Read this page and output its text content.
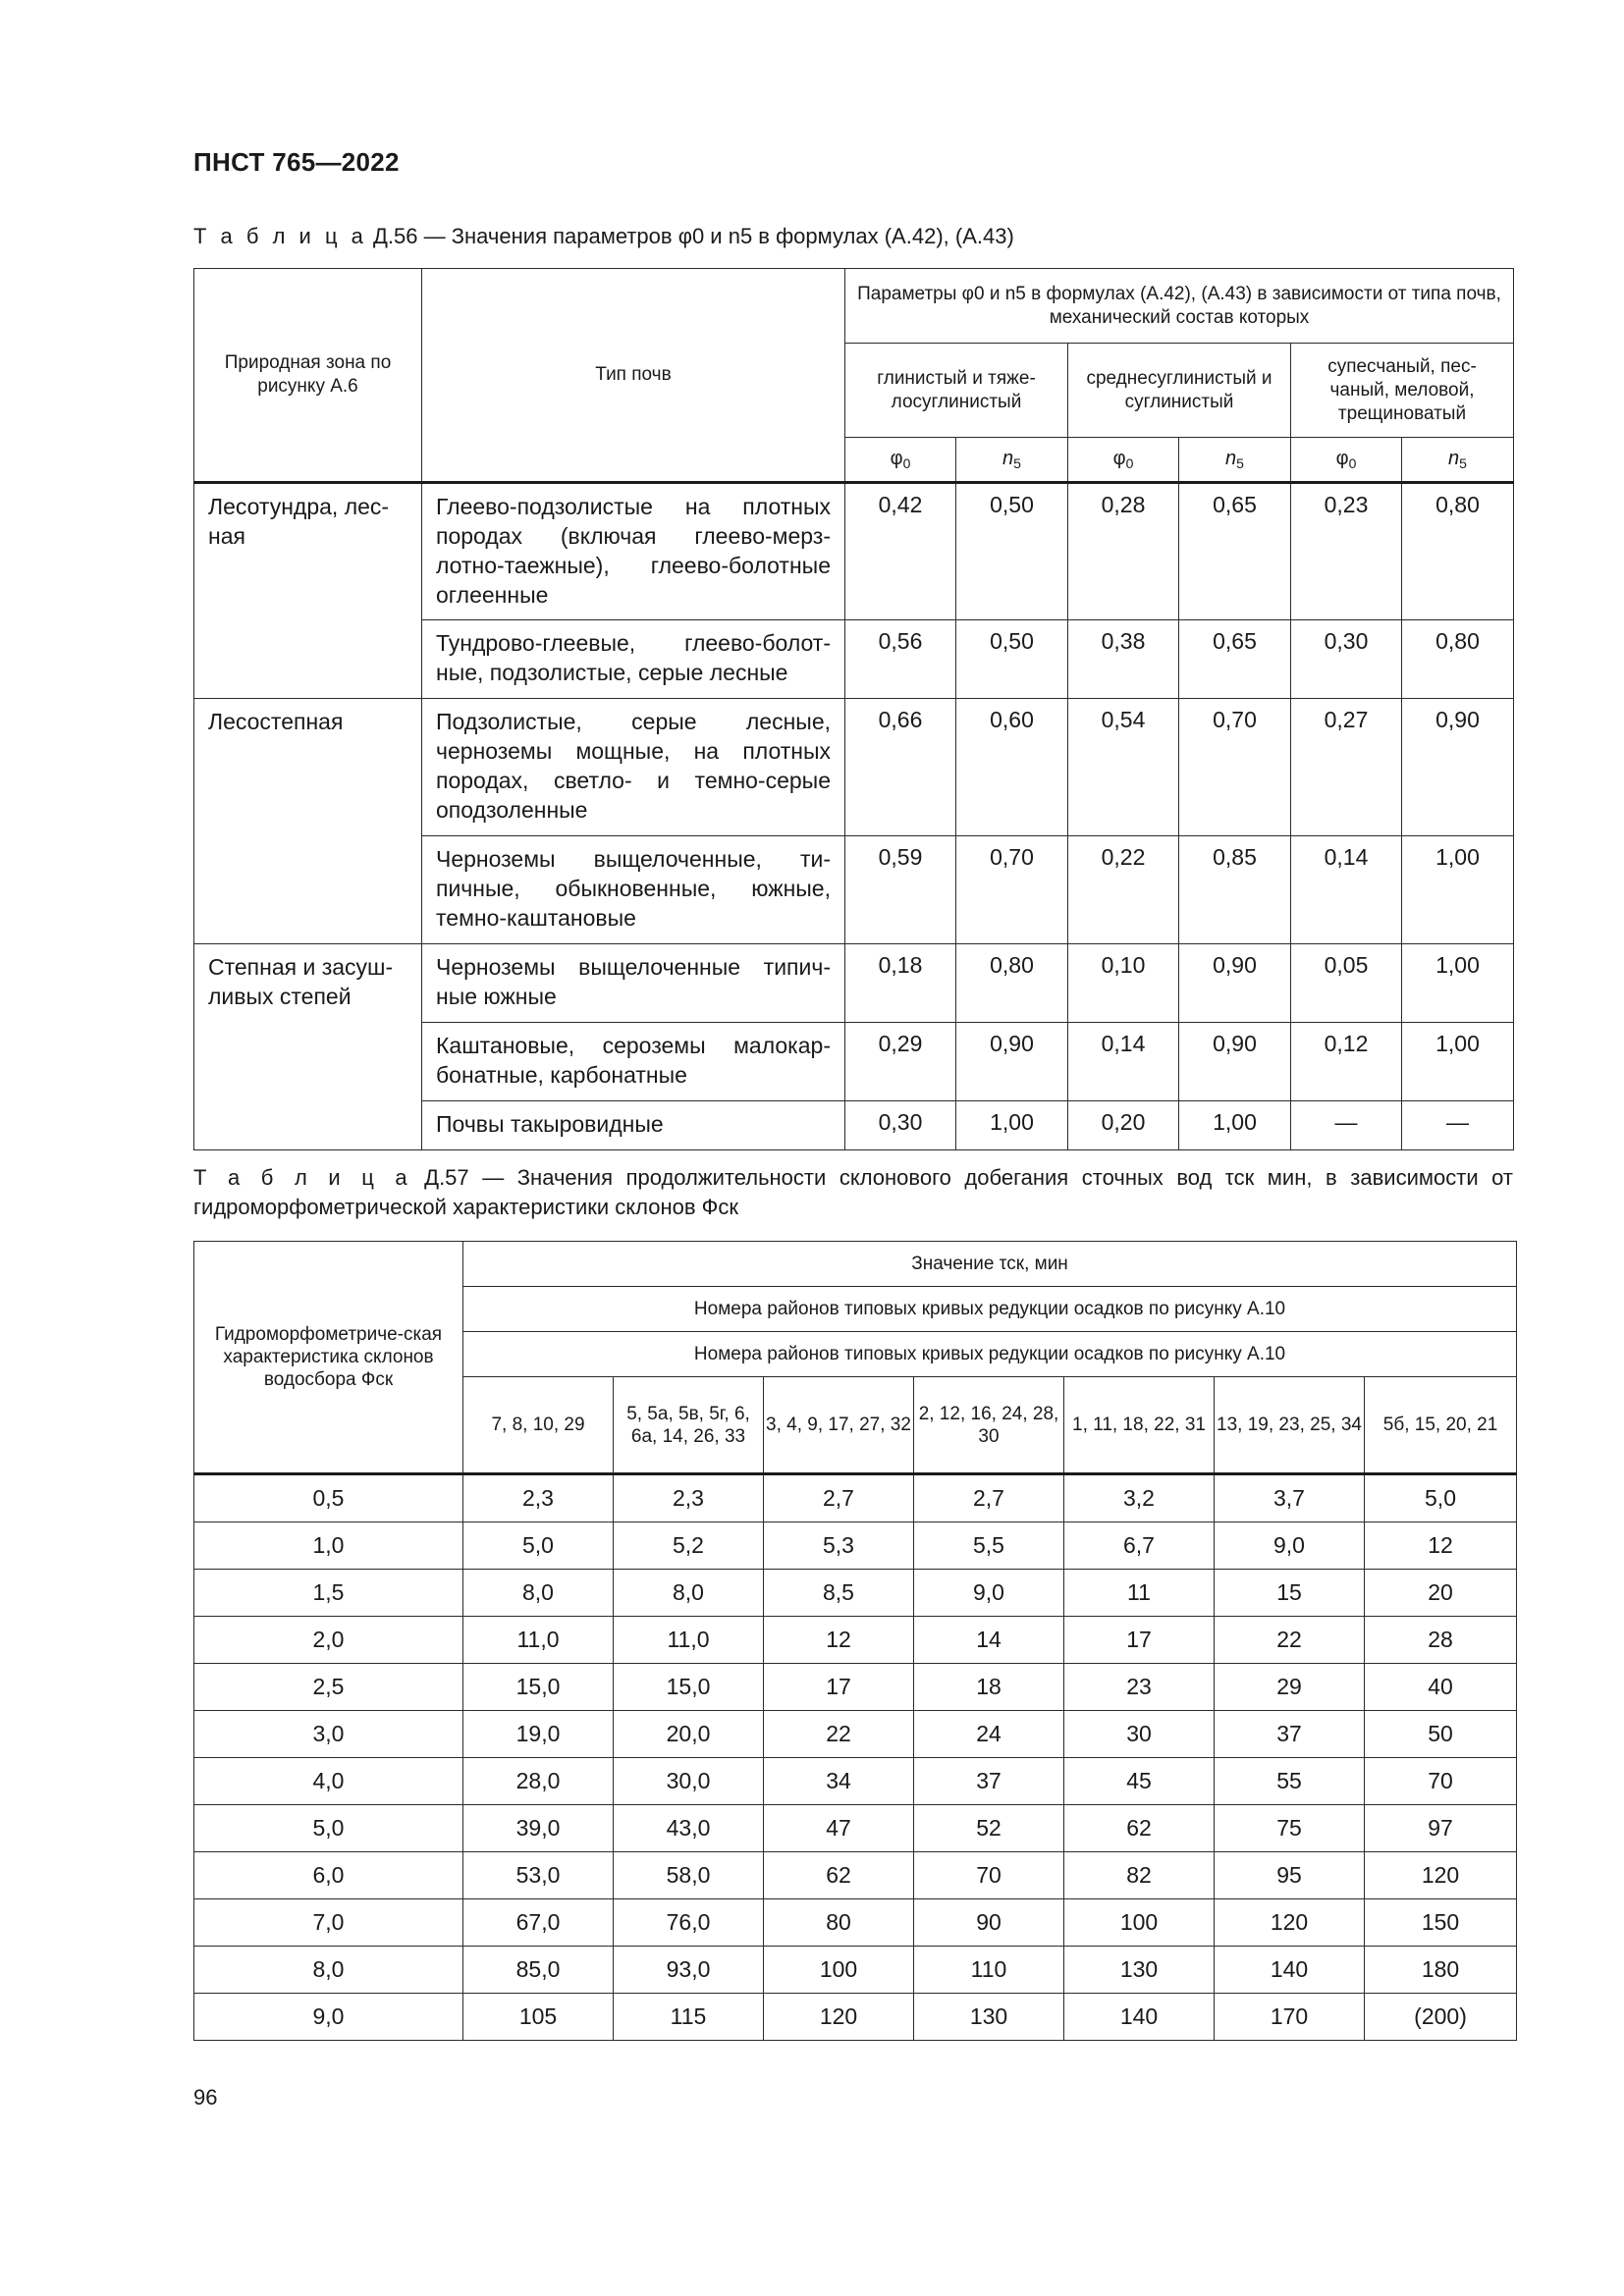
ПНСТ 765—2022
Т а б л и ц а Д.56 — Значения параметров φ0 и n5 в формулах (А.42), (А.43)
Природная зона по рисунку А.6	Тип почв	Параметры φ0 и n5 в формулах (А.42), (А.43) в зависимости от типа почв, механический состав которых					
		глинистый и тяже-лосуглинистый		среднесуглинистый и суглинистый		супесчаный, пес-чаный, меловой, трещиноватый	
		$\varphi_0$	$n_5$	$\varphi_0$	$n_5$	$\varphi_0$	$n_5$
Лесотундра, лес-ная	Глеево-подзолистые на плотных породах (включая глеево-мерз-лотно-таежные), глеево-болотные оглеенные	0,42	0,50	0,28	0,65	0,23	0,80
	Тундрово-глеевые, глеево-болот-ные, подзолистые, серые лесные	0,56	0,50	0,38	0,65	0,30	0,80
Лесостепная	Подзолистые, серые лесные, черноземы мощные, на плотных породах, светло- и темно-серые оподзоленные	0,66	0,60	0,54	0,70	0,27	0,90
	Черноземы выщелоченные, ти-пичные, обыкновенные, южные, темно-каштановые	0,59	0,70	0,22	0,85	0,14	1,00
Степная и засуш-ливых степей	Черноземы выщелоченные типич-ные южные	0,18	0,80	0,10	0,90	0,05	1,00
	Каштановые, сероземы малокар-бонатные, карбонатные	0,29	0,90	0,14	0,90	0,12	1,00
	Почвы такыровидные	0,30	1,00	0,20	1,00	—	—
Т а б л и ц а Д.57 — Значения продолжительности склонового добегания сточных вод τск мин, в зависимости от гидроморфометрической характеристики склонов Фск
Гидроморфометриче-ская характеристика склонов водосбора Фск	Значение τск, мин						
	Номера районов типовых кривых редукции осадков по рисунку А.10						
	Номера районов типовых кривых редукции осадков по рисунку А.10						
	7, 8, 10, 29	5, 5а, 5в, 5г, 6, 6а, 14, 26, 33	3, 4, 9, 17, 27, 32	2, 12, 16, 24, 28, 30	1, 11, 18, 22, 31	13, 19, 23, 25, 34	5б, 15, 20, 21
0,5	2,3	2,3	2,7	2,7	3,2	3,7	5,0
1,0	5,0	5,2	5,3	5,5	6,7	9,0	12
1,5	8,0	8,0	8,5	9,0	11	15	20
2,0	11,0	11,0	12	14	17	22	28
2,5	15,0	15,0	17	18	23	29	40
3,0	19,0	20,0	22	24	30	37	50
4,0	28,0	30,0	34	37	45	55	70
5,0	39,0	43,0	47	52	62	75	97
6,0	53,0	58,0	62	70	82	95	120
7,0	67,0	76,0	80	90	100	120	150
8,0	85,0	93,0	100	110	130	140	180
9,0	105	115	120	130	140	170	(200)
96
